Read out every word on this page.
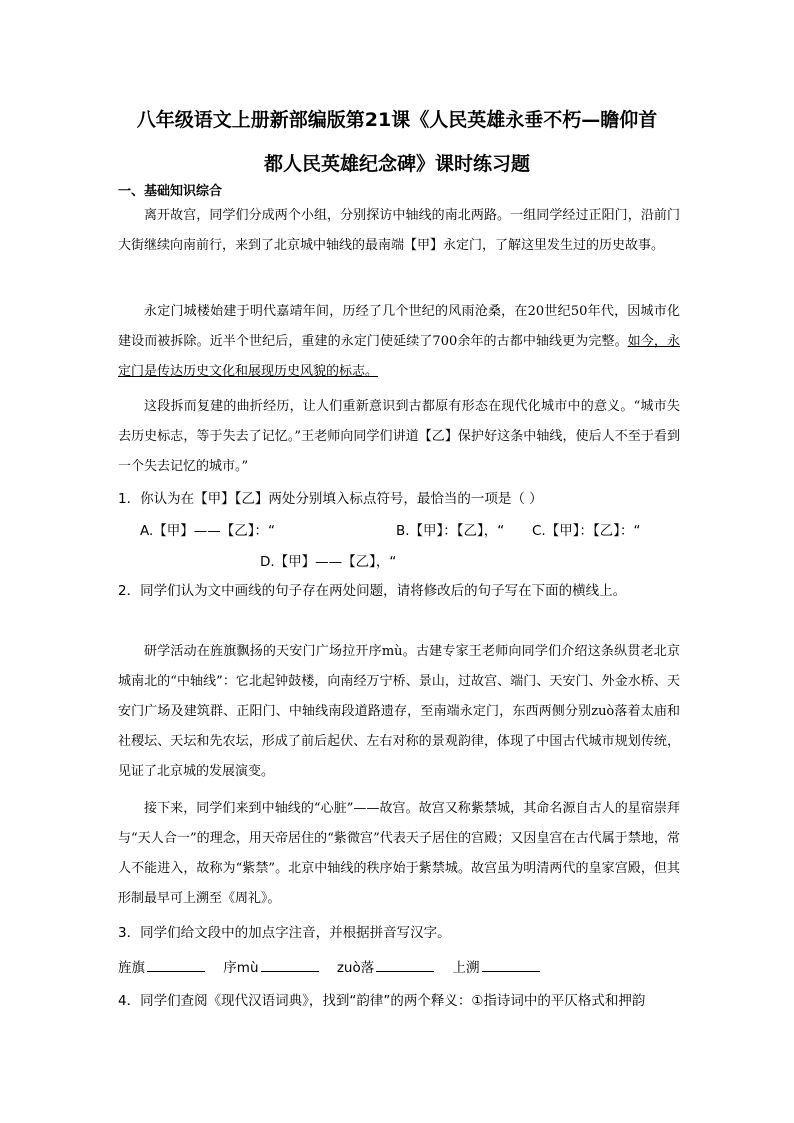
八年级语文上册新部编版第21课《人民英雄永垂不朽—瞻仰首
都人民英雄纪念碑》课时练习题
一、基础知识综合
离开故宫，同学们分成两个小组，分别探访中轴线的南北两路。一组同学经过正阳门，沿前门大街继续向南前行，来到了北京城中轴线的最南端【甲】永定门，了解这里发生过的历史故事。
永定门城楼始建于明代嘉靖年间，历经了几个世纪的风雨沧桑，在20世纪50年代，因城市化建设而被拆除。近半个世纪后，重建的永定门使延续了700余年的古都中轴线更为完整。如今，永定门是传达历史文化和展现历史风貌的标志。
这段拆而复建的曲折经历，让人们重新意识到古都原有形态在现代化城市中的意义。“城市失去历史标志，等于失去了记忆。”王老师向同学们讲道【乙】保护好这条中轴线，使后人不至于看到一个失去记忆的城市。”
1．你认为在【甲】【乙】两处分别填入标点符号，最恰当的一项是（ ）
A.【甲】——【乙】：“	B.【甲】：【乙】，“ C.【甲】：【乙】：“
D.【甲】——【乙】，“
2．同学们认为文中画线的句子存在两处问题，请将修改后的句子写在下面的横线上。
研学活动在旌旗飘扬的天安门广场拉开序mù。古建专家王老师向同学们介绍这条纵贯老北京城南北的“中轴线”：它北起钟鼓楼，向南经万宁桥、景山，过故宫、端门、天安门、外金水桥、天安门广场及建筑群、正阳门、中轴线南段道路遗存，至南端永定门，东西两侧分别zuò落着太庙和社稷坛、天坛和先农坛，形成了前后起伏、左右对称的景观韵律，体现了中国古代城市规划传统，见证了北京城的发展演变。
接下来，同学们来到中轴线的“心脏”——故宫。故宫又称紫禁城，其命名源自古人的星宿崇拜与“天人合一”的理念，用天帝居住的“紫微宫”代表天子居住的宫殿；又因皇宫在古代属于禁地，常人不能进入，故称为“紫禁”。北京中轴线的秩序始于紫禁城。故宫虽为明清两代的皇家宫殿，但其形制最早可上溯至《周礼》。
3．同学们给文段中的加点字注音，并根据拼音写汉字。
旌旗	序mù	zuò落	上溯
4．同学们查阅《现代汉语词典》，找到“韵律”的两个释义：①指诗词中的平仄格式和押韵
